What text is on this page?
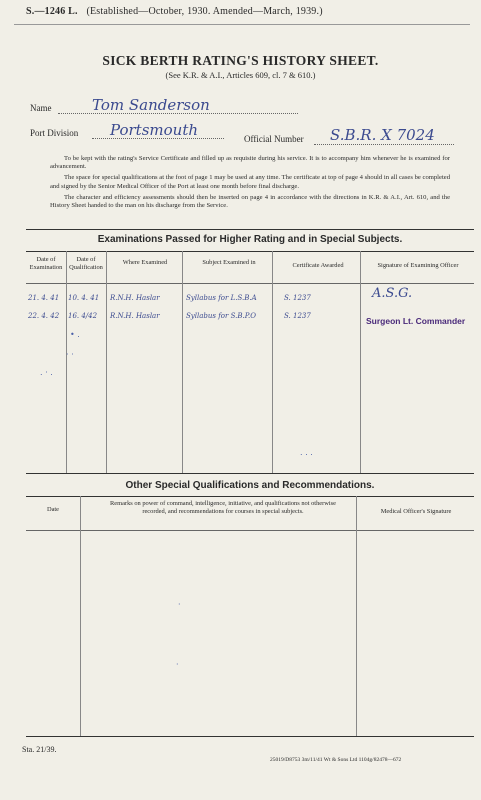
S.—1246 L. (Established—October, 1930. Amended—March, 1939.)
SICK BERTH RATING'S HISTORY SHEET.
(See K.R. & A.I., Articles 609, cl. 7 & 610.)
Name	Tom Sanderson
Port Division Portsmouth	Official Number S.B.R. X 7024

To be kept with the rating's Service Certificate and filled up as requisite during his service. It is to accompany him whenever he is examined for advancement.

The space for special qualifications at the foot of page 1 may be used at any time. The certificate at top of page 4 should in all cases be completed and signed by the Senior Medical Officer of the Port at least one month before final discharge.

The character and efficiency assessments should then be inserted on page 4 in accordance with the directions in K.R. & A.I., Art. 610, and the History Sheet handed to the man on his discharge from the Service.

Examinations Passed for Higher Rating and in Special Subjects.
Date of Examination
Date of Qualification
Where Examined	Subject Examined in	Certificate Awarded	Signature of Examining Officer
21. 4. 41 10. 4. 41 R.N.H. Haslar	Syllabus for L.S.B.A	S. 1237	A.S.G.
22. 4. 42 16. 4/42 R.N.H. Haslar	Syllabus for S.B.P.O	S. 1237	Surgeon Lt. Commander
• .
· ·
. · .
. . .
Other Special Qualifications and Recommendations.
Date
Remarks on power of command, intelligence, initiative, and qualifications not otherwise recorded, and recommendations for courses in special subjects.	Medical Officer's Signature
·
·
Sta. 21/39.
25019/D8753 3m/11/41 Wt & Sons Ltd 1104g/82478—672
